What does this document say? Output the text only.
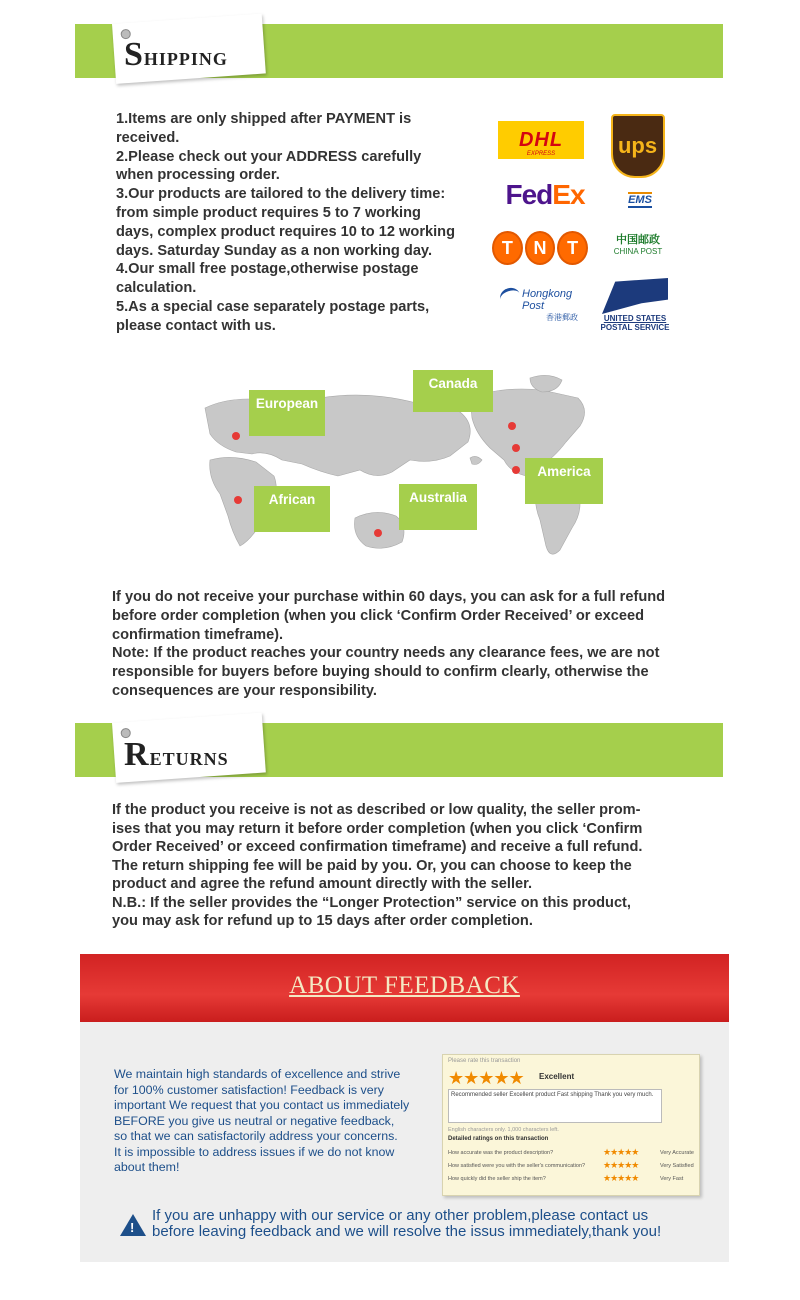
Shipping

1.Items are only shipped after PAYMENT is received.

2.Please check out your ADDRESS carefully when processing order.

3.Our products are tailored to the delivery time: from simple product requires 5 to 7 working days, complex product requires 10 to 12 working days. Saturday Sunday as a non working day.

4.Our small free postage,otherwise postage calculation.

5.As a special case separately postage parts, please contact with us.

DHL
EXPRESS	ups
Fed Ex	EMS
T	N	T	中国邮政
CHINA POST
Hongkong Post
香港郵政	UNITED STATES
POSTAL SERVICE
European
Canada
America
African	Australia

If you do not receive your purchase within 60 days, you can ask for a full refund before order completion (when you click ‘Confirm Order Received’ or exceed confirmation timeframe).

Note: If the product reaches your country needs any clearance fees, we are not responsible for buyers before buying should to confirm clearly, otherwise the consequences are your responsibility.

Returns

If the product you receive is not as described or low quality, the seller prom-

ises that you may return it before order completion (when you click ‘Confirm

Order Received’ or exceed confirmation timeframe) and receive a full refund.

The return shipping fee will be paid by you. Or, you can choose to keep the

product and agree the refund amount directly with the seller.

N.B.: If the seller provides the “Longer Protection” service on this product,

you may ask for refund up to 15 days after order completion.

ABOUT FEEDBACK

We maintain high standards of excellence and strive

for 100% customer satisfaction! Feedback is very

important We request that you contact us immediately

BEFORE you give us neutral or negative feedback,

so that we can satisfactorily address your concerns.

It is impossible to address issues if we do not know

about them!

Please rate this transaction
★★★★★ Excellent
Recommended seller Excellent product Fast shipping Thank you very much.
English characters only. 1,000 characters left.
Detailed ratings on this transaction
How accurate was the product description?	★★★★★	Very Accurate
How satisfied were you with the seller's communication? ★★★★★	Very Satisfied
How quickly did the seller ship the item?	★★★★★	Very Fast
!
If you are unhappy with our service or any other problem,please contact us
before leaving feedback and we will resolve the issus immediately,thank you!
